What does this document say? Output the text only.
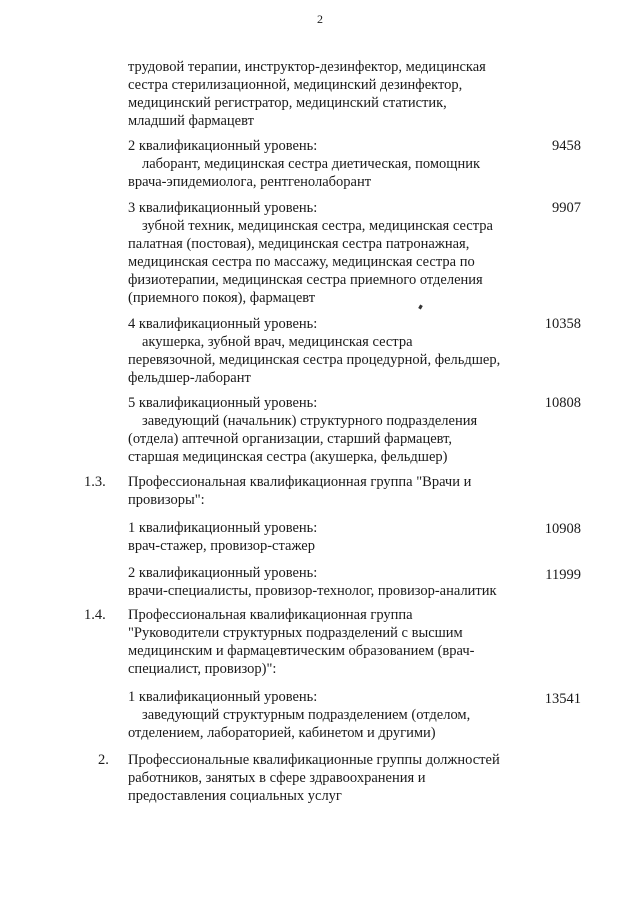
2
трудовой терапии, инструктор-дезинфектор, медицинская
сестра стерилизационной, медицинский дезинфектор,
медицинский регистратор, медицинский статистик,
младший фармацевт
2 квалификационный уровень:
лаборант, медицинская сестра диетическая, помощник
врача-эпидемиолога, рентгенолаборант
9458
3 квалификационный уровень:
зубной техник, медицинская сестра, медицинская сестра
палатная (постовая), медицинская сестра патронажная,
медицинская сестра по массажу, медицинская сестра по
физиотерапии, медицинская сестра приемного отделения
(приемного покоя), фармацевт
9907
4 квалификационный уровень:
акушерка, зубной врач, медицинская сестра
перевязочной, медицинская сестра процедурной, фельдшер,
фельдшер-лаборант
10358
5 квалификационный уровень:
заведующий (начальник) структурного подразделения
(отдела) аптечной организации, старший фармацевт,
старшая медицинская сестра (акушерка, фельдшер)
10808
1.3. Профессиональная квалификационная группа "Врачи и
провизоры":
1 квалификационный уровень:
врач-стажер, провизор-стажер
10908
2 квалификационный уровень:
врачи-специалисты, провизор-технолог, провизор-аналитик
11999
1.4. Профессиональная квалификационная группа
"Руководители структурных подразделений с высшим
медицинским и фармацевтическим образованием (врач-
специалист, провизор)":
1 квалификационный уровень:
заведующий структурным подразделением (отделом,
отделением, лабораторией, кабинетом и другими)
13541
2. Профессиональные квалификационные группы должностей
работников, занятых в сфере здравоохранения и
предоставления социальных услуг
